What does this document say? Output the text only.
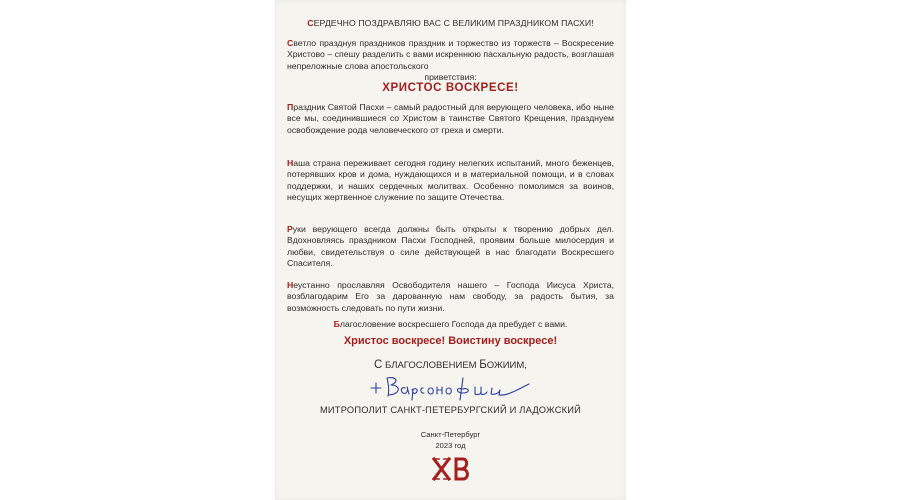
СЕРДЕЧНО ПОЗДРАВЛЯЮ ВАС С ВЕЛИКИМ ПРАЗДНИКОМ ПАСХИ!
Светло празднуя праздников праздник и торжество из торжеств – Воскресение Христово – спешу разделить с вами искреннюю пасхальную радость, возглашая непреложные слова апостольского
приветствия:
ХРИСТОС ВОСКРЕСЕ!
Праздник Святой Пасхи – самый радостный для верующего человека, ибо ныне все мы, соединившиеся со Христом в таинстве Святого Крещения, празднуем освобождение рода человеческого от греха и смерти.
Наша страна переживает сегодня годину нелегких испытаний, много беженцев, потерявших кров и дома, нуждающихся и в материальной помощи, и в словах поддержки, и наших сердечных молитвах. Особенно помолимся за воинов, несущих жертвенное служение по защите Отечества.
Руки верующего всегда должны быть открыты к творению добрых дел. Вдохновляясь праздником Пасхи Господней, проявим больше милосердия и любви, свидетельствуя о силе действующей в нас благодати Воскресшего Спасителя.
Неустанно прославляя Освободителя нашего – Господа Иисуса Христа, возблагодарим Его за дарованную нам свободу, за радость бытия, за возможность следовать по пути жизни.
Благословение воскресшего Господа да пребудет с вами.
Христос воскресе! Воистину воскресе!
С БЛАГОСЛОВЕНИЕМ БОЖИИМ,
МИТРОПОЛИТ САНКТ-ПЕТЕРБУРГСКИЙ И ЛАДОЖСКИЙ
Санкт-Петербург
2023 год
